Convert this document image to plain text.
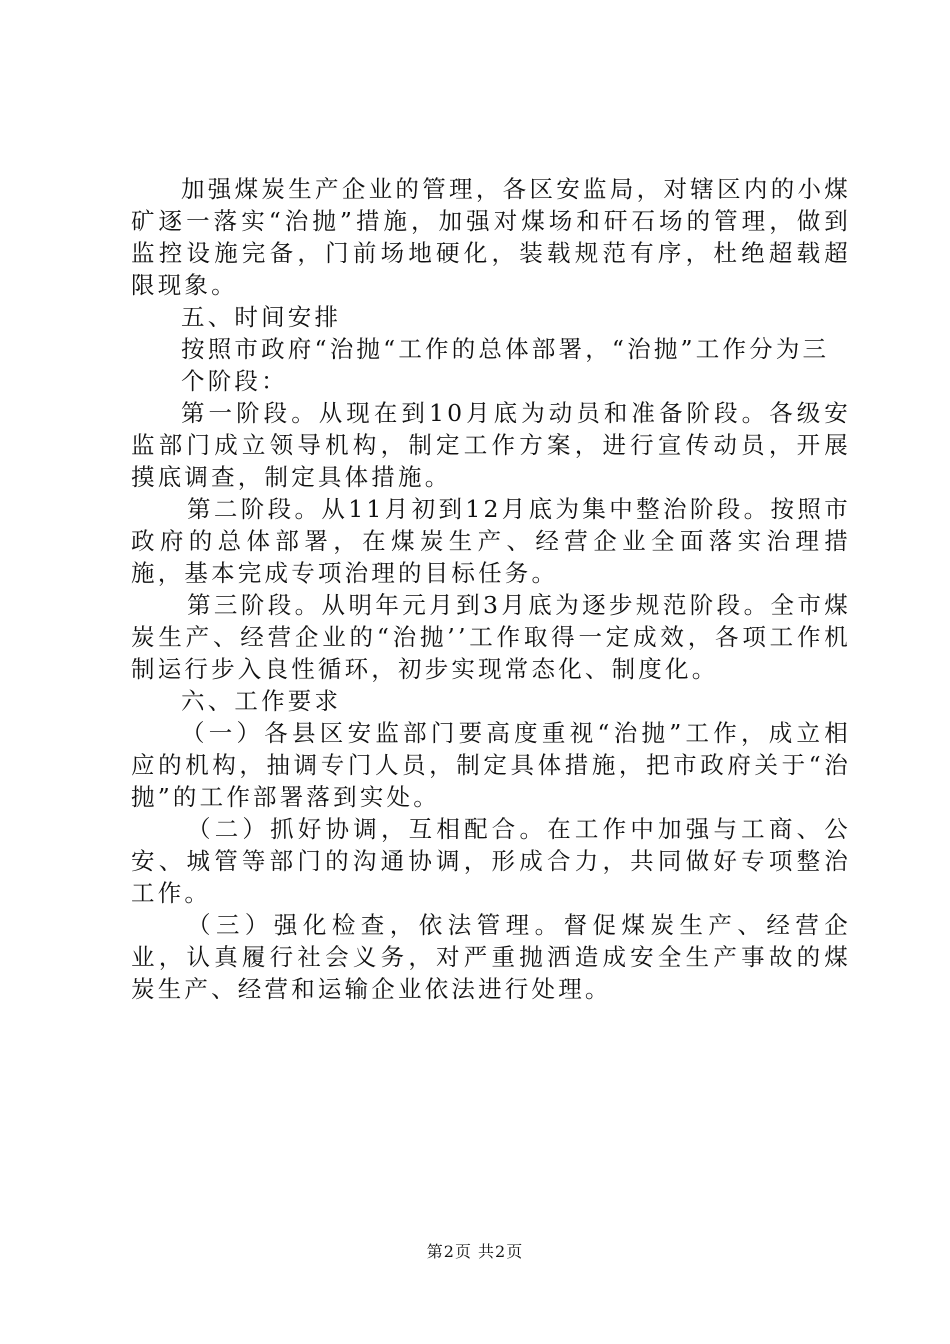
加强煤炭生产企业的管理，各区安监局，对辖区内的小煤矿逐一落实“治抛”措施，加强对煤场和矸石场的管理，做到监控设施完备，门前场地硬化，装载规范有序，杜绝超载超限现象。

五、时间安排

按照市政府“治抛“工作的总体部署，“治抛”工作分为三

个阶段：

第一阶段。从现在到10月底为动员和准备阶段。各级安监部门成立领导机构，制定工作方案，进行宣传动员，开展摸底调查，制定具体措施。

第二阶段。从11月初到12月底为集中整治阶段。按照市政府的总体部署，在煤炭生产、经营企业全面落实治理措施，基本完成专项治理的目标任务。

第三阶段。从明年元月到3月底为逐步规范阶段。全市煤炭生产、经营企业的“治抛’’工作取得一定成效，各项工作机制运行步入良性循环，初步实现常态化、制度化。

六、工作要求

（一）各县区安监部门要高度重视“治抛”工作，成立相应的机构，抽调专门人员，制定具体措施，把市政府关于“治抛”的工作部署落到实处。

（二）抓好协调，互相配合。在工作中加强与工商、公安、城管等部门的沟通协调，形成合力，共同做好专项整治工作。

（三）强化检查，依法管理。督促煤炭生产、经营企业，认真履行社会义务，对严重抛洒造成安全生产事故的煤炭生产、经营和运输企业依法进行处理。

第2页 共2页
